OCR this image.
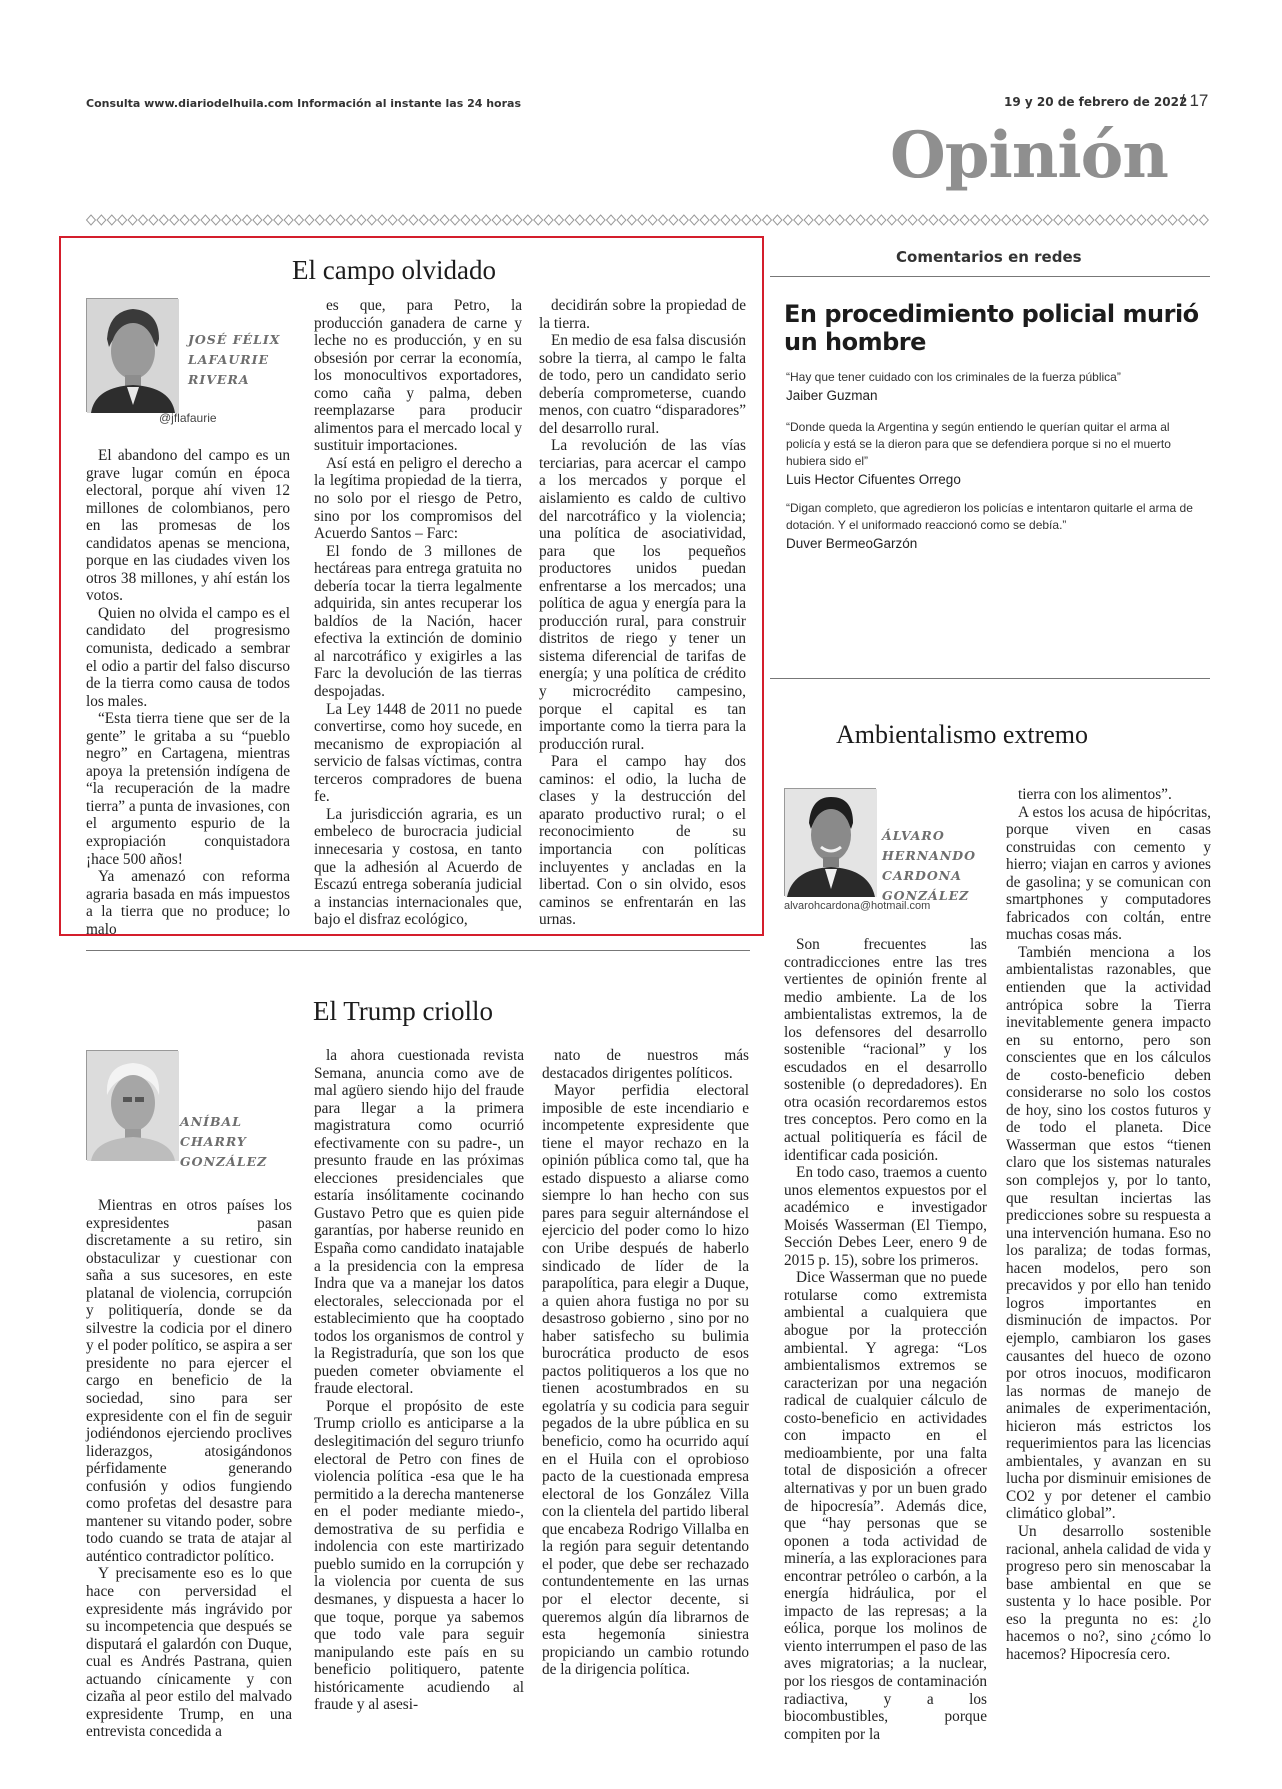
Consulta www.diariodelhuila.com Información al instante las 24 horas	19 y 20 de febrero de 2022
/ 17
Opinión
El campo olvidado
JOSÉ FÉLIX LAFAURIE RIVERA
@jflafaurie

El abandono del campo es un grave lugar común en época electoral, porque ahí viven 12 millones de colombianos, pero en las promesas de los candidatos apenas se menciona, porque en las ciudades viven los otros 38 millones, y ahí están los votos.

Quien no olvida el campo es el candidato del progresismo comunista, dedicado a sembrar el odio a partir del falso discurso de la tierra como causa de todos los males.

“Esta tierra tiene que ser de la gente” le gritaba a su “pueblo negro” en Cartagena, mientras apoya la pretensión indígena de “la recuperación de la madre tierra” a punta de invasiones, con el argumento espurio de la expropiación conquistadora ¡hace 500 años!

Ya amenazó con reforma agraria basada en más impuestos a la tierra que no produce; lo malo

es que, para Petro, la producción ganadera de carne y leche no es producción, y en su obsesión por cerrar la economía, los monocultivos exportadores, como caña y palma, deben reemplazarse para producir alimentos para el mercado local y sustituir importaciones.

Así está en peligro el derecho a la legítima propiedad de la tierra, no solo por el riesgo de Petro, sino por los compromisos del Acuerdo Santos – Farc:

El fondo de 3 millones de hectáreas para entrega gratuita no debería tocar la tierra legalmente adquirida, sin antes recuperar los baldíos de la Nación, hacer efectiva la extinción de dominio al narcotráfico y exigirles a las Farc la devolución de las tierras despojadas.

La Ley 1448 de 2011 no puede convertirse, como hoy sucede, en mecanismo de expropiación al servicio de falsas víctimas, contra terceros compradores de buena fe.

La jurisdicción agraria, es un embeleco de burocracia judicial innecesaria y costosa, en tanto que la adhesión al Acuerdo de Escazú entrega soberanía judicial a instancias internacionales que, bajo el disfraz ecológico,

decidirán sobre la propiedad de la tierra.

En medio de esa falsa discusión sobre la tierra, al campo le falta de todo, pero un candidato serio debería comprometerse, cuando menos, con cuatro “disparadores” del desarrollo rural.

La revolución de las vías terciarias, para acercar el campo a los mercados y porque el aislamiento es caldo de cultivo del narcotráfico y la violencia; una política de asociatividad, para que los pequeños productores unidos puedan enfrentarse a los mercados; una política de agua y energía para la producción rural, para construir distritos de riego y tener un sistema diferencial de tarifas de energía; y una política de crédito y microcrédito campesino, porque el capital es tan importante como la tierra para la producción rural.

Para el campo hay dos caminos: el odio, la lucha de clases y la destrucción del aparato productivo rural; o el reconocimiento de su importancia con políticas incluyentes y ancladas en la libertad. Con o sin olvido, esos caminos se enfrentarán en las urnas.

Comentarios en redes
En procedimiento policial murió un hombre
“Hay que tener cuidado con los criminales de la fuerza pública”
Jaiber Guzman
“Donde queda la Argentina y según entiendo le querían quitar el arma al policía y está se la dieron para que se defendiera porque si no el muerto hubiera sido el”
Luis Hector Cifuentes Orrego
“Digan completo, que agredieron los policías e intentaron quitarle el arma de dotación. Y el uniformado reaccionó como se debía.”
Duver BermeoGarzón
Ambientalismo extremo
ÁLVARO HERNANDO CARDONA GONZÁLEZ
alvarohcardona@hotmail.com

Son frecuentes las contradicciones entre las tres vertientes de opinión frente al medio ambiente. La de los ambientalistas extremos, la de los defensores del desarrollo sostenible “racional” y los escudados en el desarrollo sostenible (o depredadores). En otra ocasión recordaremos estos tres conceptos. Pero como en la actual politiquería es fácil de identificar cada posición.

En todo caso, traemos a cuento unos elementos expuestos por el académico e investigador Moisés Wasserman (El Tiempo, Sección Debes Leer, enero 9 de 2015 p. 15), sobre los primeros.

Dice Wasserman que no puede rotularse como extremista ambiental a cualquiera que abogue por la protección ambiental. Y agrega: “Los ambientalismos extremos se caracterizan por una negación radical de cualquier cálculo de costo-beneficio en actividades con impacto en el medioambiente, por una falta total de disposición a ofrecer alternativas y por un buen grado de hipocresía”. Además dice, que “hay personas que se oponen a toda actividad de minería, a las exploraciones para encontrar petróleo o carbón, a la energía hidráulica, por el impacto de las represas; a la eólica, porque los molinos de viento interrumpen el paso de las aves migratorias; a la nuclear, por los riesgos de contaminación radiactiva, y a los biocombustibles, porque compiten por la

tierra con los alimentos”.

A estos los acusa de hipócritas, porque viven en casas construidas con cemento y hierro; viajan en carros y aviones de gasolina; y se comunican con smartphones y computadores fabricados con coltán, entre muchas cosas más.

También menciona a los ambientalistas razonables, que entienden que la actividad antrópica sobre la Tierra inevitablemente genera impacto en su entorno, pero son conscientes que en los cálculos de costo-beneficio deben considerarse no solo los costos de hoy, sino los costos futuros y de todo el planeta. Dice Wasserman que estos “tienen claro que los sistemas naturales son complejos y, por lo tanto, que resultan inciertas las predicciones sobre su respuesta a una intervención humana. Eso no los paraliza; de todas formas, hacen modelos, pero son precavidos y por ello han tenido logros importantes en disminución de impactos. Por ejemplo, cambiaron los gases causantes del hueco de ozono por otros inocuos, modificaron las normas de manejo de animales de experimentación, hicieron más estrictos los requerimientos para las licencias ambientales, y avanzan en su lucha por disminuir emisiones de CO2 y por detener el cambio climático global”.

Un desarrollo sostenible racional, anhela calidad de vida y progreso pero sin menoscabar la base ambiental en que se sustenta y lo hace posible. Por eso la pregunta no es: ¿lo hacemos o no?, sino ¿cómo lo hacemos? Hipocresía cero.

El Trump criollo
ANÍBAL CHARRY GONZÁLEZ

Mientras en otros países los expresidentes pasan discretamente a su retiro, sin obstaculizar y cuestionar con saña a sus sucesores, en este platanal de violencia, corrupción y politiquería, donde se da silvestre la codicia por el dinero y el poder político, se aspira a ser presidente no para ejercer el cargo en beneficio de la sociedad, sino para ser expresidente con el fin de seguir jodiéndonos ejerciendo proclives liderazgos, atosigándonos pérfidamente generando confusión y odios fungiendo como profetas del desastre para mantener su vitando poder, sobre todo cuando se trata de atajar al auténtico contradictor político.

Y precisamente eso es lo que hace con perversidad el expresidente más ingrávido por su incompetencia que después se disputará el galardón con Duque, cual es Andrés Pastrana, quien actuando cínicamente y con cizaña al peor estilo del malvado expresidente Trump, en una entrevista concedida a

la ahora cuestionada revista Semana, anuncia como ave de mal agüero siendo hijo del fraude para llegar a la primera magistratura como ocurrió efectivamente con su padre-, un presunto fraude en las próximas elecciones presidenciales que estaría insólitamente cocinando Gustavo Petro que es quien pide garantías, por haberse reunido en España como candidato inatajable a la presidencia con la empresa Indra que va a manejar los datos electorales, seleccionada por el establecimiento que ha cooptado todos los organismos de control y la Registraduría, que son los que pueden cometer obviamente el fraude electoral.

Porque el propósito de este Trump criollo es anticiparse a la deslegitimación del seguro triunfo electoral de Petro con fines de violencia política -esa que le ha permitido a la derecha mantenerse en el poder mediante miedo-, demostrativa de su perfidia e indolencia con este martirizado pueblo sumido en la corrupción y la violencia por cuenta de sus desmanes, y dispuesta a hacer lo que toque, porque ya sabemos que todo vale para seguir manipulando este país en su beneficio politiquero, patente históricamente acudiendo al fraude y al asesi-

nato de nuestros más destacados dirigentes políticos.

Mayor perfidia electoral imposible de este incendiario e incompetente expresidente que tiene el mayor rechazo en la opinión pública como tal, que ha estado dispuesto a aliarse como siempre lo han hecho con sus pares para seguir alternándose el ejercicio del poder como lo hizo con Uribe después de haberlo sindicado de líder de la parapolítica, para elegir a Duque, a quien ahora fustiga no por su desastroso gobierno , sino por no haber satisfecho su bulimia burocrática producto de esos pactos politiqueros a los que no tienen acostumbrados en su egolatría y su codicia para seguir pegados de la ubre pública en su beneficio, como ha ocurrido aquí en el Huila con el oprobioso pacto de la cuestionada empresa electoral de los González Villa con la clientela del partido liberal que encabeza Rodrigo Villalba en la región para seguir detentando el poder, que debe ser rechazado contundentemente en las urnas por el elector decente, si queremos algún día librarnos de esta hegemonía siniestra propiciando un cambio rotundo de la dirigencia política.
